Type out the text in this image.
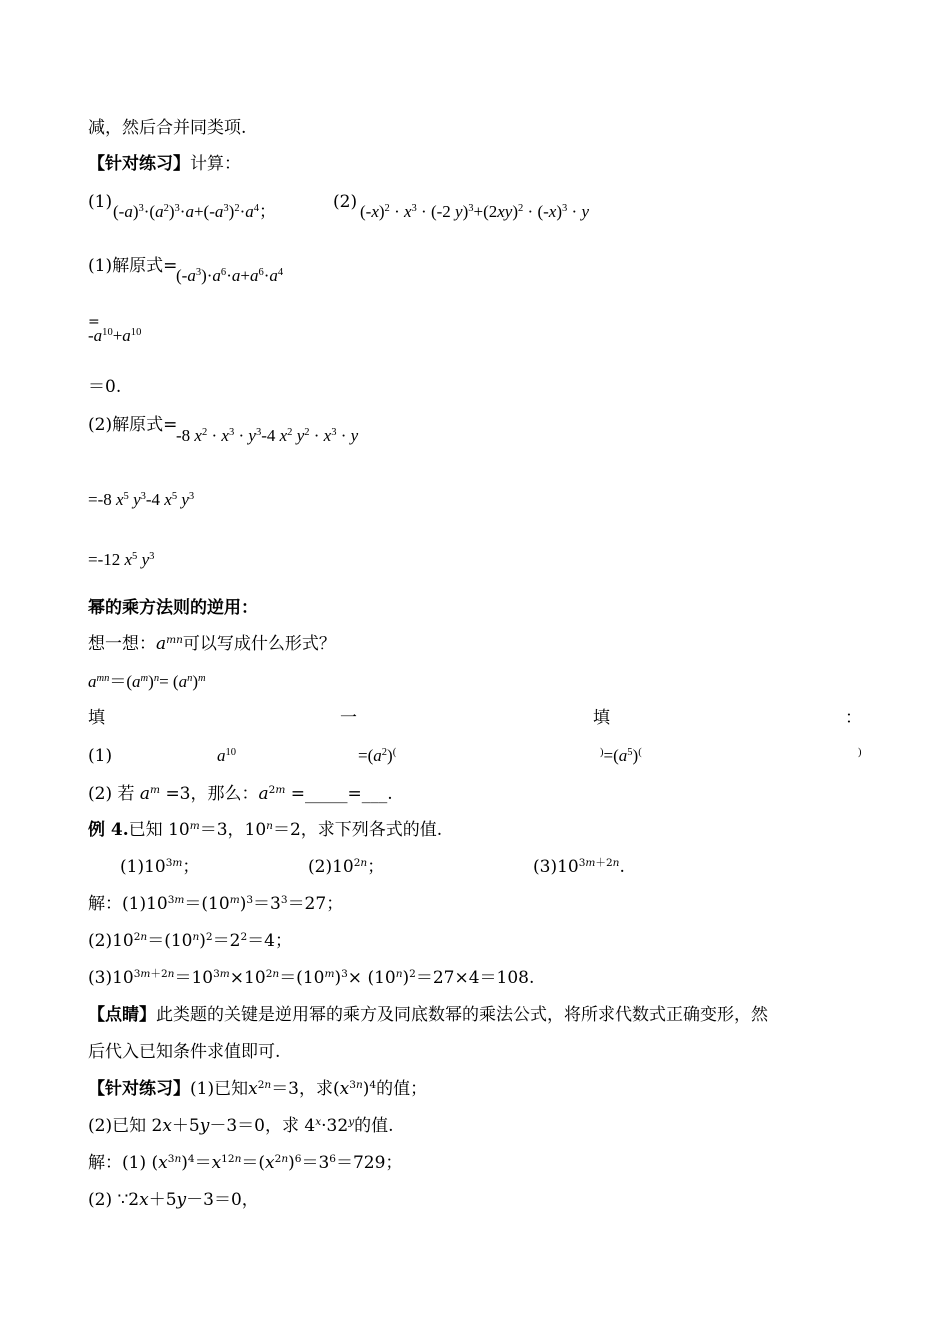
减，然后合并同类项.
【针对练习】计算：
(1) $(-a)^3\cdot(a^2)^3\cdot a+(-a^3)^2\cdot a^4$；	(2) $(-x)^2 \cdot x^3 \cdot (-2$ $y)^3+(2xy)^2 \cdot (-x)^3 \cdot y$
(1)解原式=
$(-a^3)\cdot a^6\cdot a+a^6\cdot a^4$
=
$-a^{10}+a^{10}$
＝0.
(2)解原式=
-8 $x^2 \cdot x^3 \cdot y^3-4$ $x^2$ $y^2 \cdot x^3 \cdot y$
=-8 $x^5$ $y^3-4$ $x^5$ $y^3$
=-12 $x^5$ $y^3$
幂的乘方法则的逆用：
想一想：$a^{mn}$可以写成什么形式？
$a^{mn}=(a^m)^n= (a^n)^m$
填	一	填	：
(1)	$a^{10}$	$=(a^2)^($	$^)=(a^5)^($	)
(2) 若 $a^m =3$，那么：$a^{2m}$ =_____=___.
例 4.已知 $10^m=3$，$10^n=2$，求下列各式的值.
$(1)10^{3m}$；	$(2)10^{2n}$；	$(3)10^{3m+2n}$.
解：$(1)10^{3m}=(10^m)^3=3^3=27$；
$(2)10^{2n}=(10^n)^2=2^2=4$；
$(3)10^{3m+2n}=10^{3m}\times 10^{2n}=(10^m)^3\times (10^n)^2=27\times 4=108$.
【点睛】此类题的关键是逆用幂的乘方及同底数幂的乘法公式，将所求代数式正确变形，然
后代入已知条件求值即可.
【针对练习】(1)已知$x^{2n}=3$，求$(x^{3n})^4$的值；
(2)已知 2x＋5y－3＝0，求 $4^x\cdot 32^y$的值.
解：(1) $(x^{3n})^4=x^{12n}=(x^{2n})^6=3^6=729$；
(2) ∵2x＋5y－3＝0，
